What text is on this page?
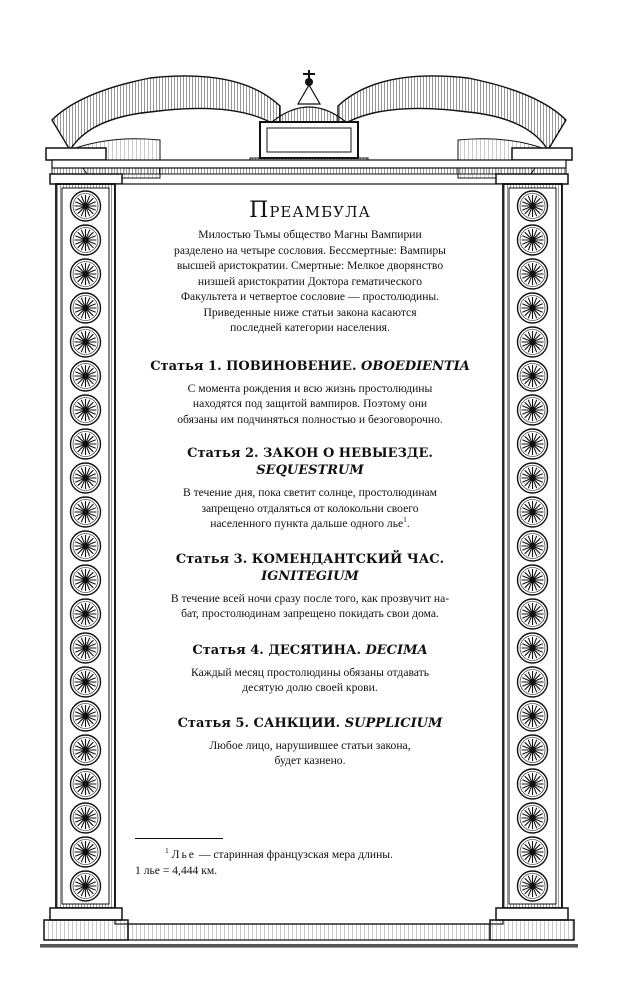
Преамбула

Милостью Тьмы общество Магны Вампирии

разделено на четыре сословия. Бессмертные: Вампиры

высшей аристократии. Смертные: Мелкое дворянство

низшей аристократии Доктора гематического

Факультета и четвертое сословие — простолюдины.

Приведенные ниже статьи закона касаются

последней категории населения.

Статья 1. ПОВИНОВЕНИЕ. OBOEDIENTIA

С момента рождения и всю жизнь простолюдины

находятся под защитой вампиров. Поэтому они

обязаны им подчиняться полностью и безоговорочно.

Статья 2. ЗАКОН О НЕВЫЕЗДЕ.

SEQUESTRUM

В течение дня, пока светит солнце, простолюдинам

запрещено отдаляться от колокольни своего

населенного пункта дальше одного лье$^1$.

Статья 3. КОМЕНДАНТСКИЙ ЧАС.

IGNITEGIUM

В течение всей ночи сразу после того, как прозвучит на-

бат, простолюдинам запрещено покидать свои дома.

Статья 4. ДЕСЯТИНА. DECIMA

Каждый месяц простолюдины обязаны отдавать

десятую долю своей крови.

Статья 5. САНКЦИИ. SUPPLICIUM

Любое лицо, нарушившее статьи закона,

будет казнено.

$^1$ Лье — старинная французская мера длины.
1 лье = 4,444 км.
